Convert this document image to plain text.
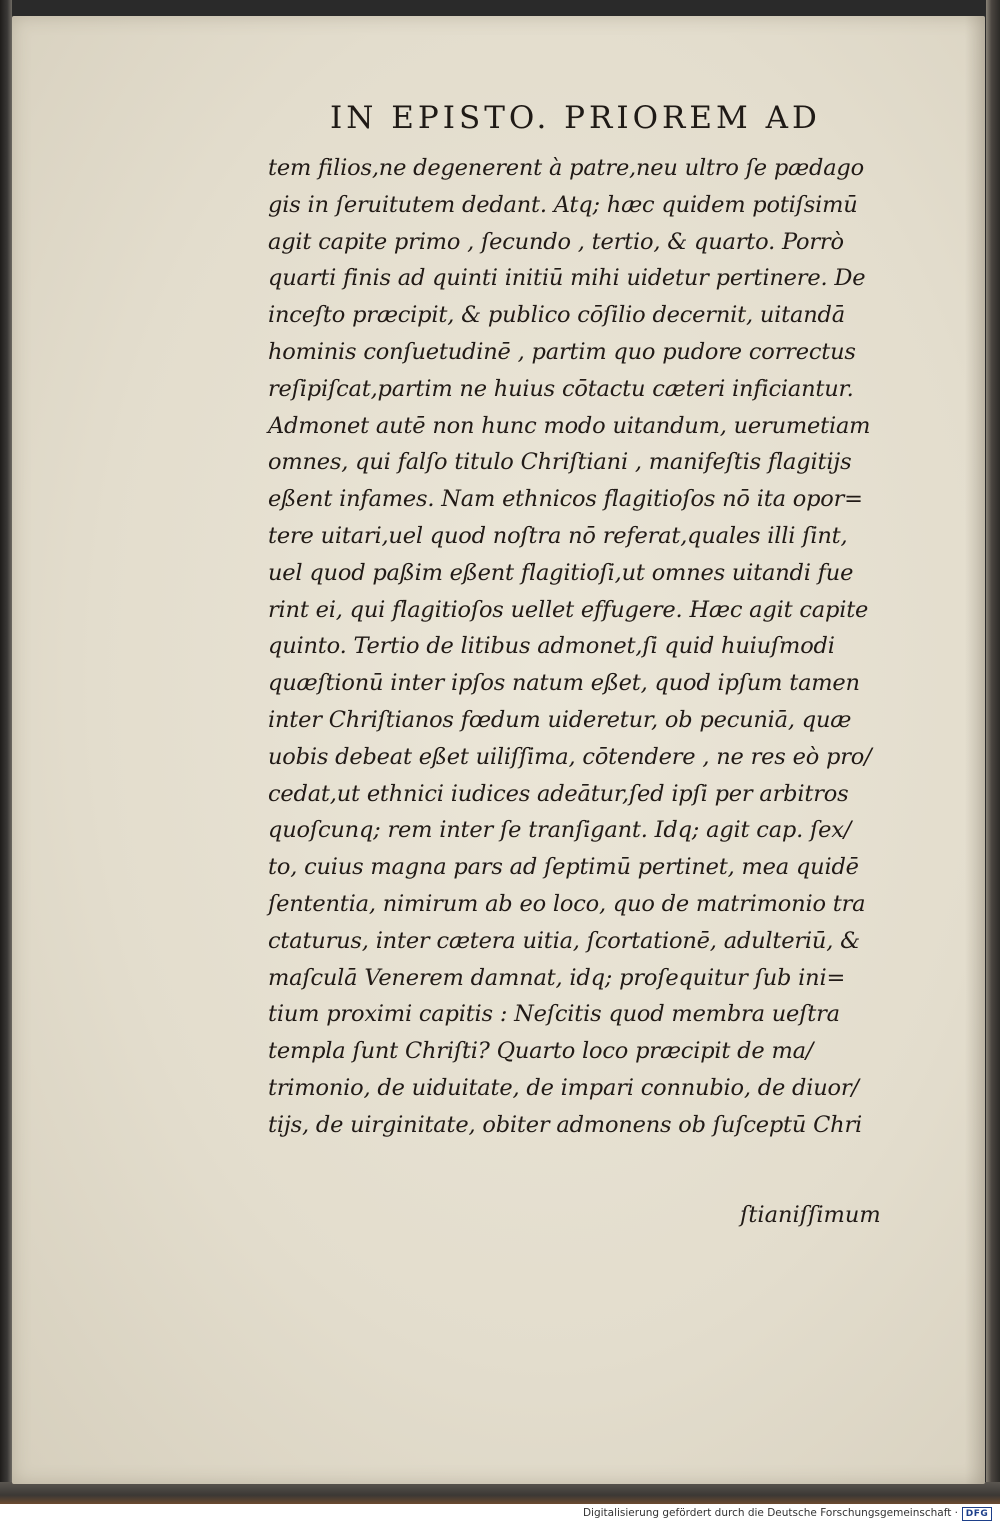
IN EPISTO. PRIOREM AD
tem filios,ne degenerent à patre,neu ultro ſe pædago
gis in ſeruitutem dedant. Atq; hæc quidem potiſsimū
agit capite primo , ſecundo , tertio, & quarto. Porrò
quarti finis ad quinti initiū mihi uidetur pertinere. De
inceſto præcipit, & publico cōſilio decernit, uitandā
hominis conſuetudinē , partim quo pudore correctus
reſipiſcat,partim ne huius cōtactu cæteri inficiantur.
Admonet autē non hunc modo uitandum, uerumetiam
omnes, qui falſo titulo Chriſtiani , manifeſtis flagitijs
eßent infames. Nam ethnicos flagitioſos nō ita opor=
tere uitari,uel quod noſtra nō referat,quales illi ſint,
uel quod paßim eßent flagitioſi,ut omnes uitandi fue
rint ei, qui flagitioſos uellet effugere. Hæc agit capite
quinto. Tertio de litibus admonet,ſi quid huiuſmodi
quæſtionū inter ipſos natum eßet, quod ipſum tamen
inter Chriſtianos fœdum uideretur, ob pecuniā, quæ
uobis debeat eßet uiliſſima, cōtendere , ne res eò pro/
cedat,ut ethnici iudices adeātur,ſed ipſi per arbitros
quoſcunq; rem inter ſe tranſigant. Idq; agit cap. ſex/
to, cuius magna pars ad ſeptimū pertinet, mea quidē
ſententia, nimirum ab eo loco, quo de matrimonio tra
ctaturus, inter cætera uitia, ſcortationē, adulteriū, &
maſculā Venerem damnat, idq; proſequitur ſub ini=
tium proximi capitis : Neſcitis quod membra ueſtra
templa ſunt Chriſti? Quarto loco præcipit de ma/
trimonio, de uiduitate, de impari connubio, de diuor/
tijs, de uirginitate, obiter admonens ob ſuſceptū Chri
ſtianiſſimum
Digitalisierung gefördert durch die Deutsche Forschungsgemeinschaft · DFG
